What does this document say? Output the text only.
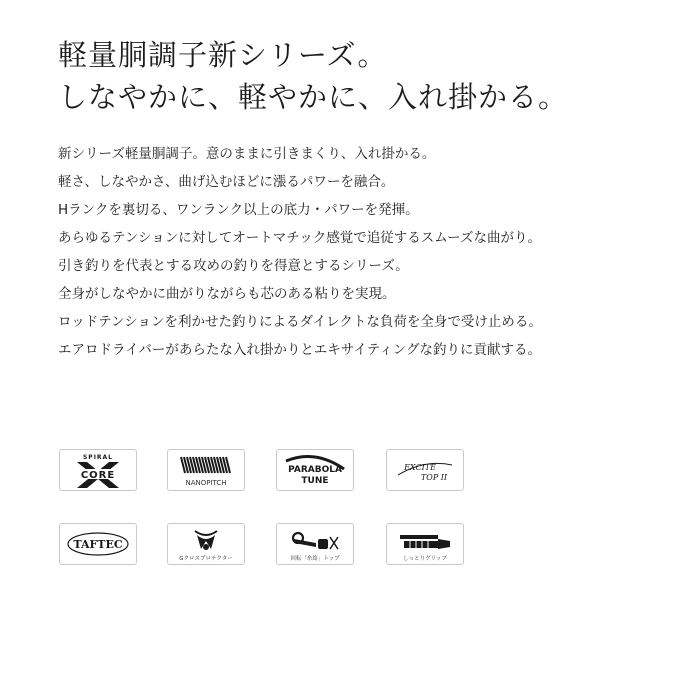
軽量胴調子新シリーズ。
しなやかに、軽やかに、入れ掛かる。
新シリーズ軽量胴調子。意のままに引きまくり、入れ掛かる。
軽さ、しなやかさ、曲げ込むほどに漲るパワーを融合。
Hランクを裏切る、ワンランク以上の底力・パワーを発揮。
あらゆるテンションに対してオートマチック感覚で追従するスムーズな曲がり。
引き釣りを代表とする攻めの釣りを得意とするシリーズ。
全身がしなやかに曲がりながらも芯のある粘りを実現。
ロッドテンションを利かせた釣りによるダイレクトな負荷を全身で受け止める。
エアロドライバーがあらたな入れ掛かりとエキサイティングな釣りに貢献する。
SPIRAL
CORE
NANOPITCH
PARABOLA
TUNE
EXCITE
TOP II
TAFTEC
Gクロスプロテクター	回転「糸絡」トップ	しっとりグリップ
